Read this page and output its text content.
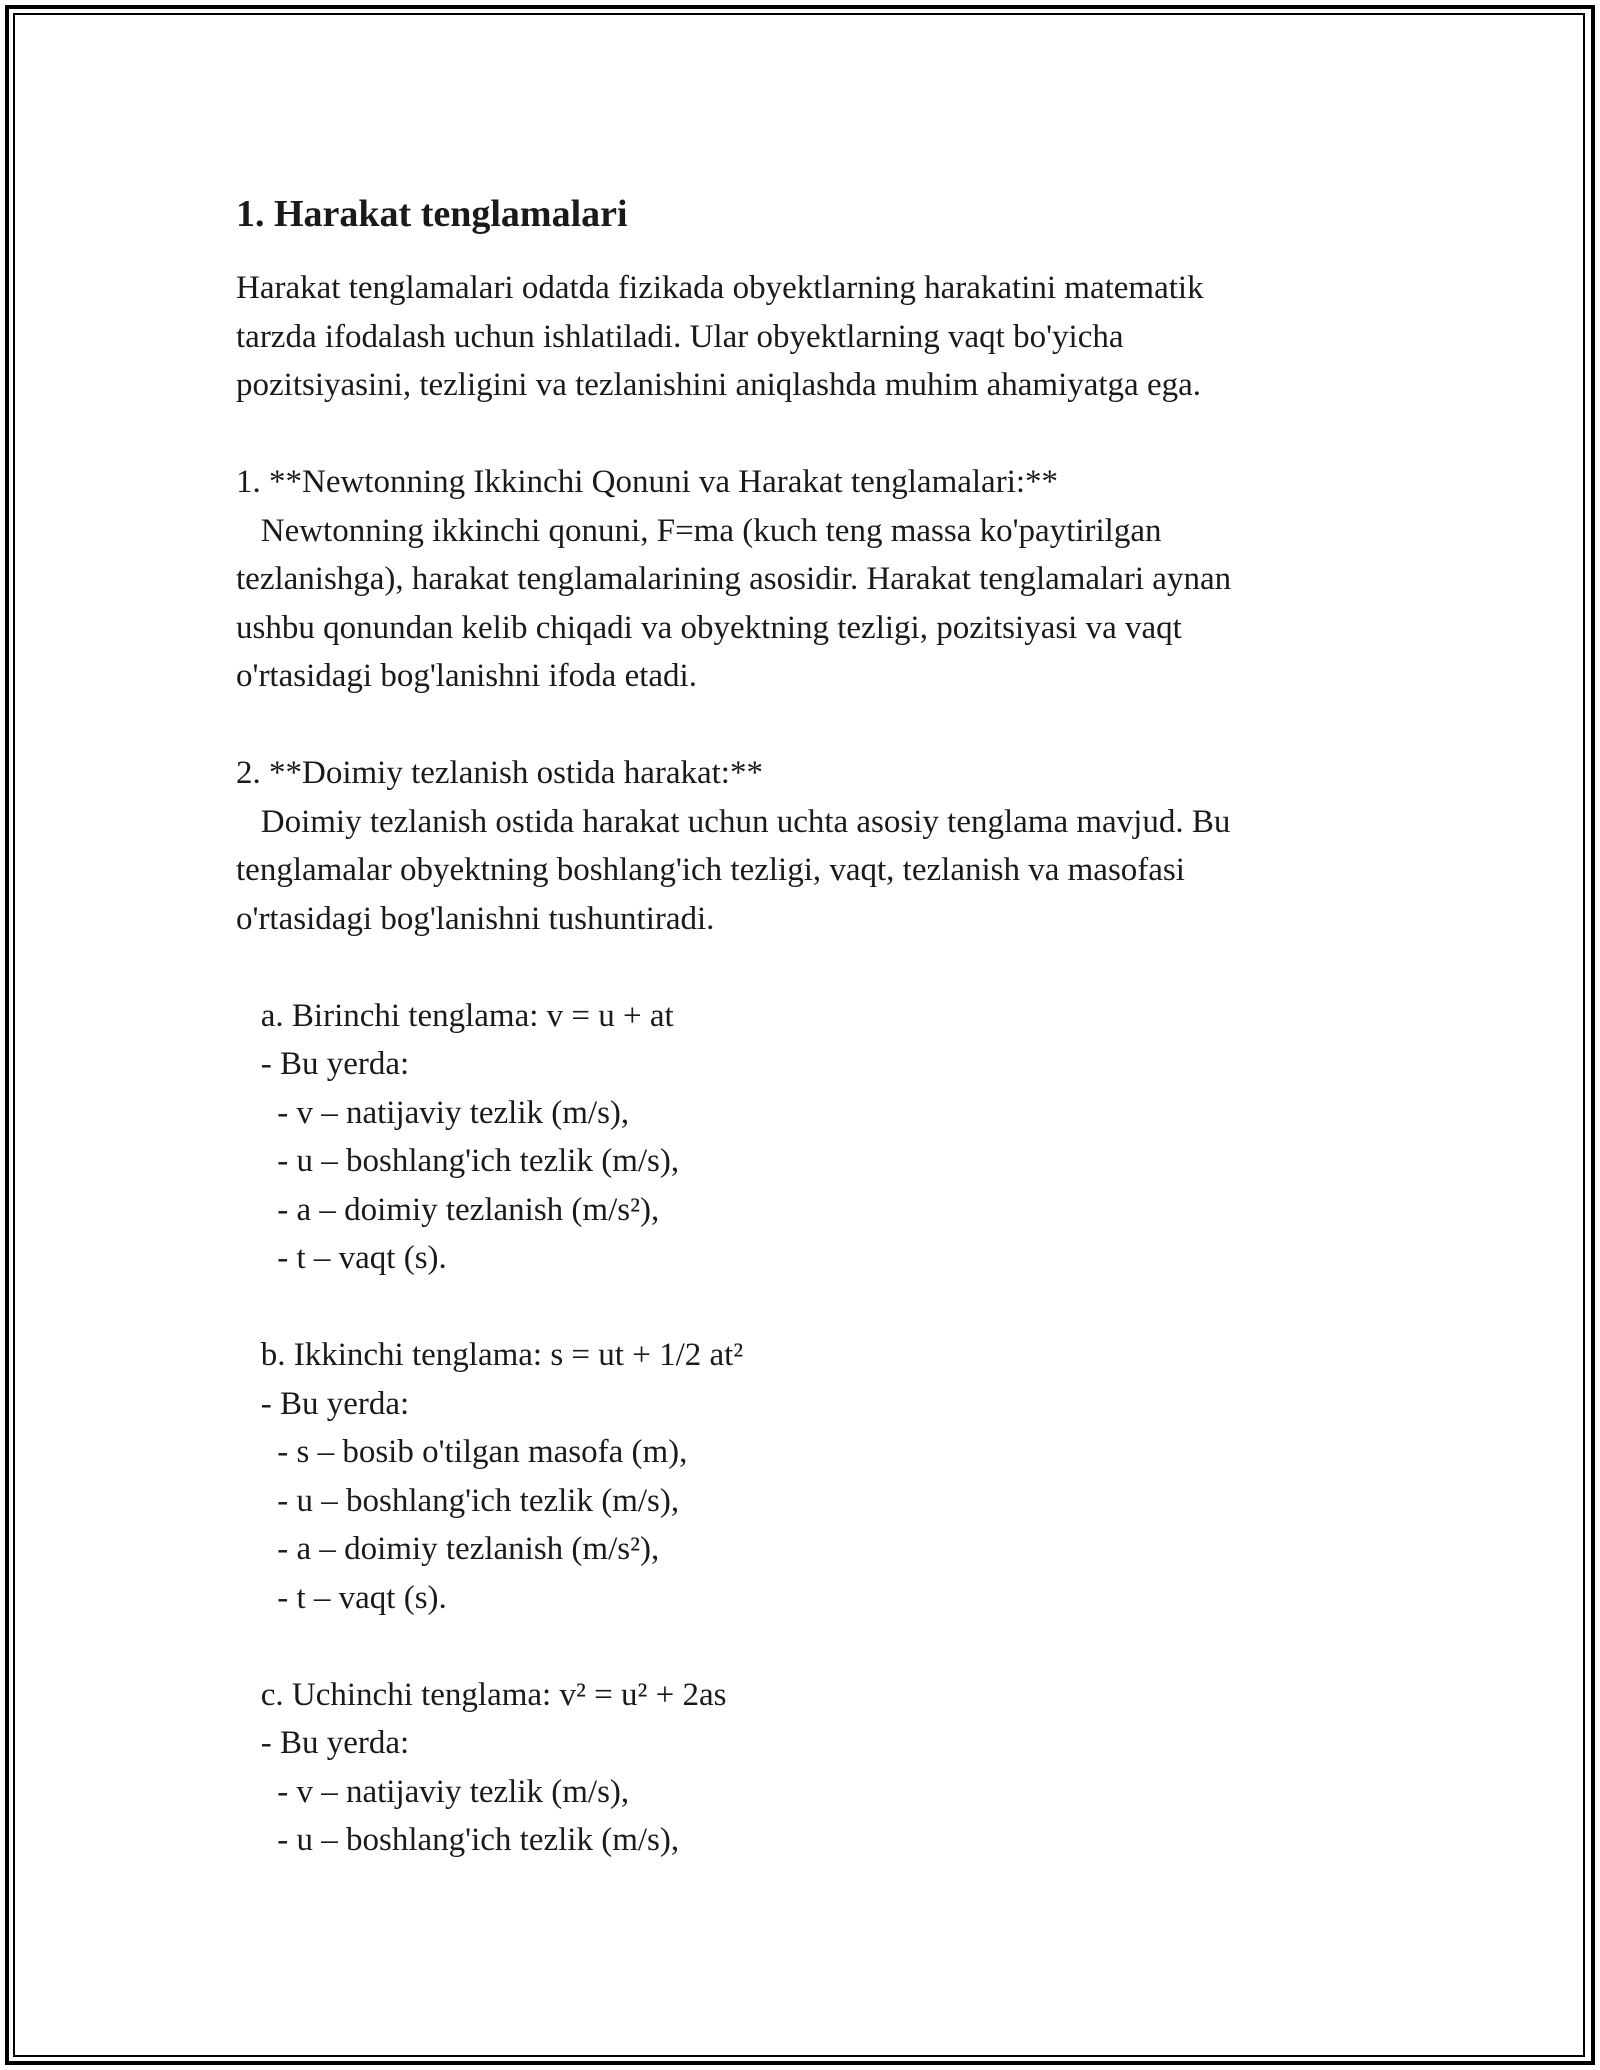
1. Harakat tenglamalari

Harakat tenglamalari odatda fizikada obyektlarning harakatini matematik

tarzda ifodalash uchun ishlatiladi. Ular obyektlarning vaqt bo'yicha

pozitsiyasini, tezligini va tezlanishini aniqlashda muhim ahamiyatga ega.

1. **Newtonning Ikkinchi Qonuni va Harakat tenglamalari:**

Newtonning ikkinchi qonuni, F=ma (kuch teng massa ko'paytirilgan

tezlanishga), harakat tenglamalarining asosidir. Harakat tenglamalari aynan

ushbu qonundan kelib chiqadi va obyektning tezligi, pozitsiyasi va vaqt

o'rtasidagi bog'lanishni ifoda etadi.

2. **Doimiy tezlanish ostida harakat:**

Doimiy tezlanish ostida harakat uchun uchta asosiy tenglama mavjud. Bu

tenglamalar obyektning boshlang'ich tezligi, vaqt, tezlanish va masofasi

o'rtasidagi bog'lanishni tushuntiradi.

a. Birinchi tenglama: v = u + at

- Bu yerda:

- v – natijaviy tezlik (m/s),

- u – boshlang'ich tezlik (m/s),

- a – doimiy tezlanish (m/s²),

- t – vaqt (s).

b. Ikkinchi tenglama: s = ut + 1/2 at²

- Bu yerda:

- s – bosib o'tilgan masofa (m),

- u – boshlang'ich tezlik (m/s),

- a – doimiy tezlanish (m/s²),

- t – vaqt (s).

c. Uchinchi tenglama: v² = u² + 2as

- Bu yerda:

- v – natijaviy tezlik (m/s),

- u – boshlang'ich tezlik (m/s),
